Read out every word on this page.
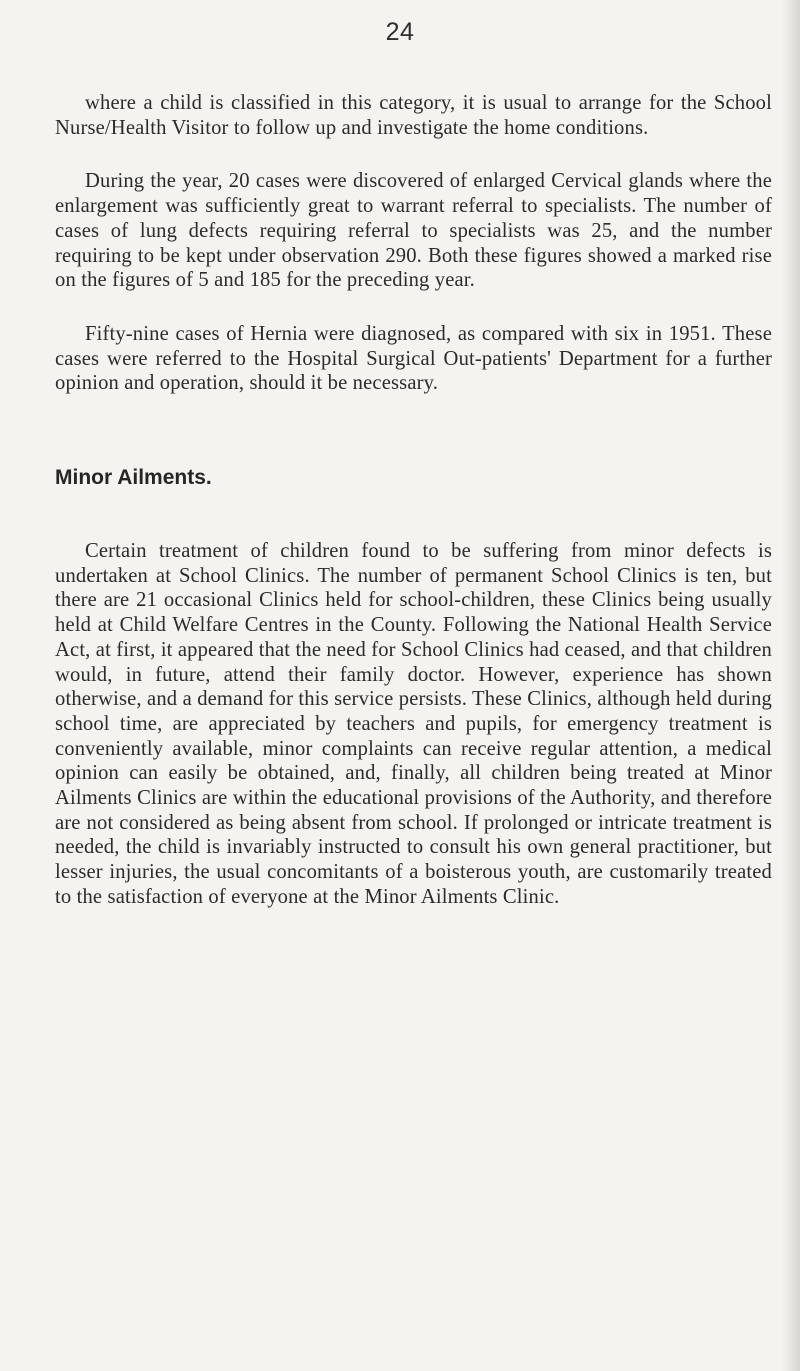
24

where a child is classified in this category, it is usual to arrange for the School Nurse/Health Visitor to follow up and investigate the home conditions.

During the year, 20 cases were discovered of enlarged Cervical glands where the enlargement was sufficiently great to warrant referral to specialists. The number of cases of lung defects requiring referral to specialists was 25, and the number requiring to be kept under observation 290. Both these figures showed a marked rise on the figures of 5 and 185 for the preceding year.

Fifty-nine cases of Hernia were diagnosed, as compared with six in 1951. These cases were referred to the Hospital Surgical Out-patients' Department for a further opinion and operation, should it be necessary.

Minor Ailments.

Certain treatment of children found to be suffering from minor defects is undertaken at School Clinics. The number of permanent School Clinics is ten, but there are 21 occasional Clinics held for school-children, these Clinics being usually held at Child Welfare Centres in the County. Following the National Health Service Act, at first, it appeared that the need for School Clinics had ceased, and that children would, in future, attend their family doctor. However, experience has shown otherwise, and a demand for this service persists. These Clinics, although held during school time, are appreciated by teachers and pupils, for emergency treatment is conveniently available, minor complaints can receive regular attention, a medical opinion can easily be obtained, and, finally, all children being treated at Minor Ailments Clinics are within the educational provisions of the Authority, and therefore are not considered as being absent from school. If prolonged or intricate treatment is needed, the child is invariably instructed to consult his own general practitioner, but lesser injuries, the usual concomitants of a boisterous youth, are customarily treated to the satisfaction of everyone at the Minor Ailments Clinic.
